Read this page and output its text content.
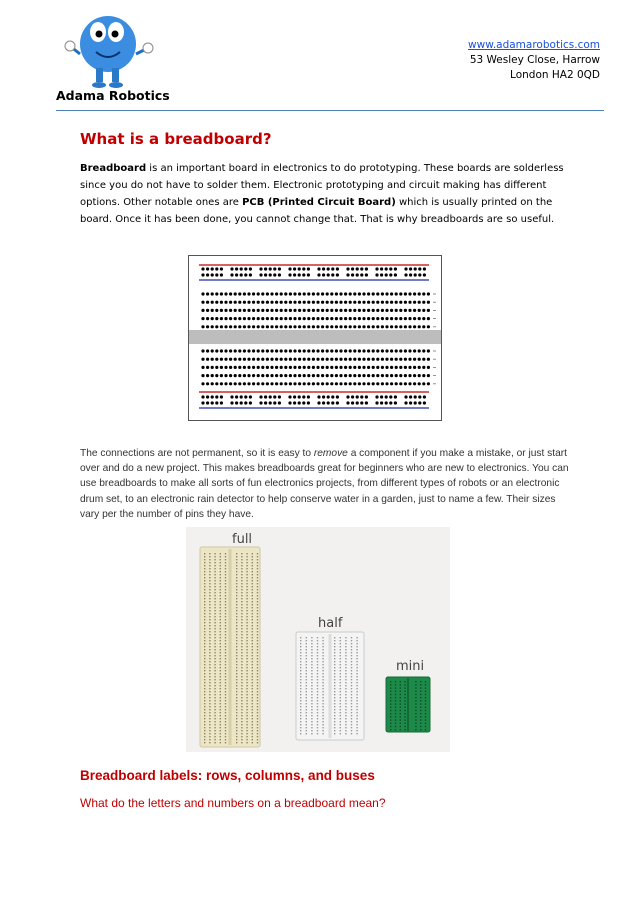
Adama Robotics
www.adamarobotics.com
53 Wesley Close, Harrow
London HA2 0QD
What is a breadboard?
Breadboard is an important board in electronics to do prototyping. These boards are solderless since you do not have to solder them. Electronic prototyping and circuit making has different options. Other notable ones are PCB (Printed Circuit Board) which is usually printed on the board. Once it has been done, you cannot change that. That is why breadboards are so useful.
The connections are not permanent, so it is easy to remove a component if you make a mistake, or just start over and do a new project. This makes breadboards great for beginners who are new to electronics. You can use breadboards to make all sorts of fun electronics projects, from different types of robots or an electronic drum set, to an electronic rain detector to help conserve water in a garden, just to name a few. Their sizes vary per the number of pins they have.
full
half
mini
Breadboard labels: rows, columns, and buses
What do the letters and numbers on a breadboard mean?
